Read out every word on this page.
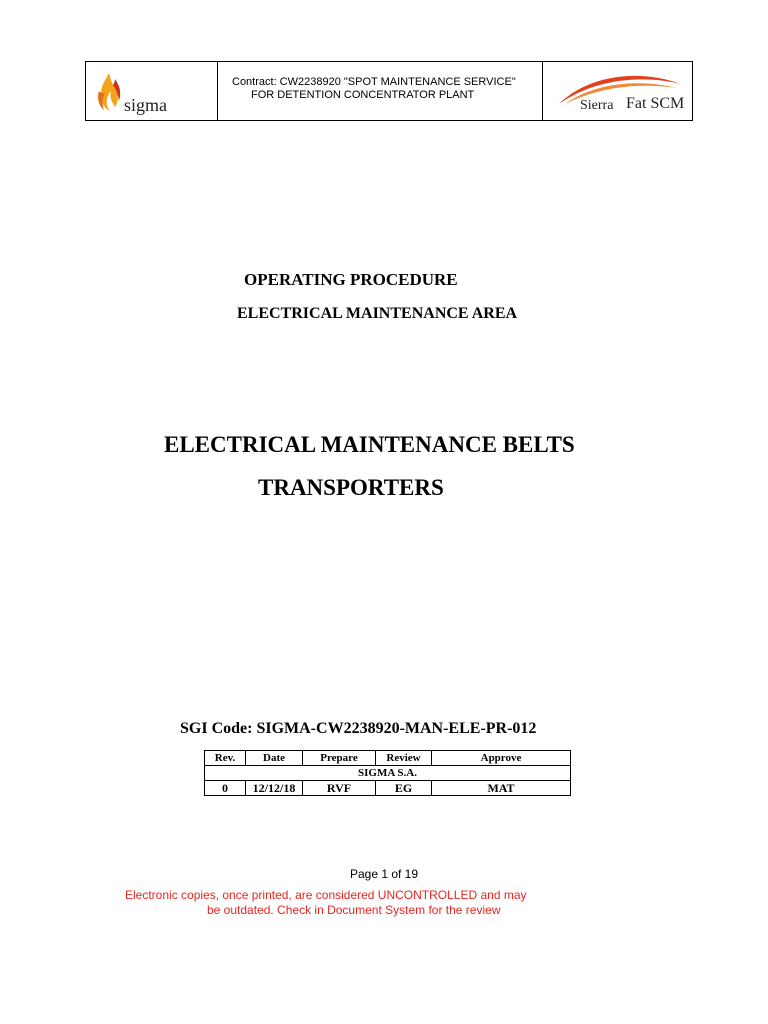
sigma
Contract: CW2238920 "SPOT MAINTENANCE SERVICE"
FOR DETENTION CONCENTRATOR PLANT
Sierra Fat SCM
OPERATING PROCEDURE
ELECTRICAL MAINTENANCE AREA
ELECTRICAL MAINTENANCE BELTS
TRANSPORTERS
SGI Code: SIGMA-CW2238920-MAN-ELE-PR-012
Rev.	Date	Prepare	Review	Approve
SIGMA S.A.				
0	12/12/18	RVF	EG	MAT
Page 1 of 19
Electronic copies, once printed, are considered UNCONTROLLED and may
be outdated. Check in Document System for the review
